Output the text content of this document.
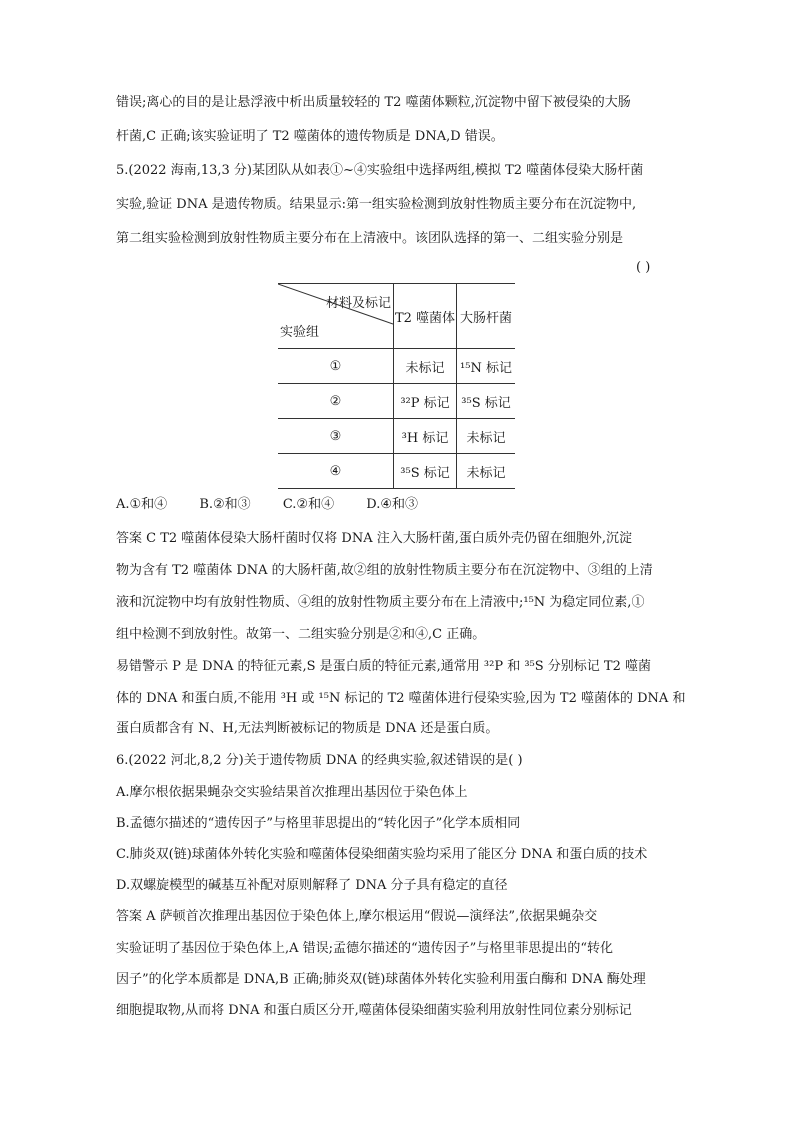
错误;离心的目的是让悬浮液中析出质量较轻的 T2 噬菌体颗粒,沉淀物中留下被侵染的大肠
杆菌,C 正确;该实验证明了 T2 噬菌体的遗传物质是 DNA,D 错误。
5.(2022 海南,13,3 分)某团队从如表①~④实验组中选择两组,模拟 T2 噬菌体侵染大肠杆菌
实验,验证 DNA 是遗传物质。结果显示:第一组实验检测到放射性物质主要分布在沉淀物中,
第二组实验检测到放射性物质主要分布在上清液中。该团队选择的第一、二组实验分别是
( )
材料及标记
实验组	T2 噬菌体	大肠杆菌
①	未标记	¹⁵N 标记
②	³²P 标记	³⁵S 标记
③	³H 标记	未标记
④	³⁵S 标记	未标记
A.①和④ B.②和③ C.②和④ D.④和③
答案 C T2 噬菌体侵染大肠杆菌时仅将 DNA 注入大肠杆菌,蛋白质外壳仍留在细胞外,沉淀
物为含有 T2 噬菌体 DNA 的大肠杆菌,故②组的放射性物质主要分布在沉淀物中、③组的上清
液和沉淀物中均有放射性物质、④组的放射性物质主要分布在上清液中;¹⁵N 为稳定同位素,①
组中检测不到放射性。故第一、二组实验分别是②和④,C 正确。
易错警示 P 是 DNA 的特征元素,S 是蛋白质的特征元素,通常用 ³²P 和 ³⁵S 分别标记 T2 噬菌
体的 DNA 和蛋白质,不能用 ³H 或 ¹⁵N 标记的 T2 噬菌体进行侵染实验,因为 T2 噬菌体的 DNA 和
蛋白质都含有 N、H,无法判断被标记的物质是 DNA 还是蛋白质。
6.(2022 河北,8,2 分)关于遗传物质 DNA 的经典实验,叙述错误的是( )
A.摩尔根依据果蝇杂交实验结果首次推理出基因位于染色体上
B.孟德尔描述的“遗传因子”与格里菲思提出的“转化因子”化学本质相同
C.肺炎双(链)球菌体外转化实验和噬菌体侵染细菌实验均采用了能区分 DNA 和蛋白质的技术
D.双螺旋模型的碱基互补配对原则解释了 DNA 分子具有稳定的直径
答案 A 萨顿首次推理出基因位于染色体上,摩尔根运用“假说—演绎法”,依据果蝇杂交
实验证明了基因位于染色体上,A 错误;孟德尔描述的“遗传因子”与格里菲思提出的“转化
因子”的化学本质都是 DNA,B 正确;肺炎双(链)球菌体外转化实验利用蛋白酶和 DNA 酶处理
细胞提取物,从而将 DNA 和蛋白质区分开,噬菌体侵染细菌实验利用放射性同位素分别标记
